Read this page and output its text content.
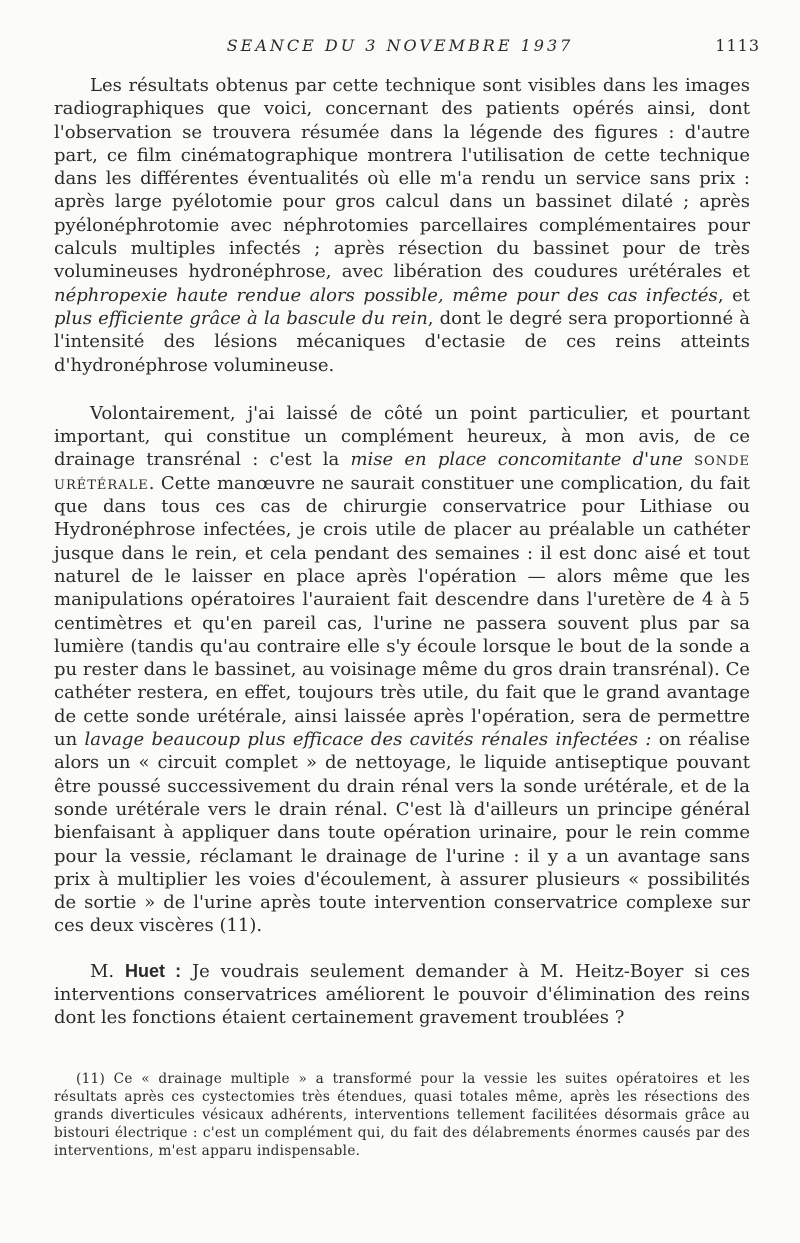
SEANCE DU 3 NOVEMBRE 1937	1113

Les résultats obtenus par cette technique sont visibles dans les images radiographiques que voici, concernant des patients opérés ainsi, dont l'observation se trouvera résumée dans la légende des figures : d'autre part, ce film cinématographique montrera l'utilisation de cette technique dans les différentes éventualités où elle m'a rendu un service sans prix : après large pyélotomie pour gros calcul dans un bassinet dilaté ; après pyélonéphrotomie avec néphrotomies parcellaires complémentaires pour calculs multiples infectés ; après résection du bassinet pour de très volumineuses hydronéphrose, avec libération des coudures urétérales et néphropexie haute rendue alors possible, même pour des cas infectés, et plus efficiente grâce à la bascule du rein, dont le degré sera proportionné à l'intensité des lésions mécaniques d'ectasie de ces reins atteints d'hydronéphrose volumineuse.

Volontairement, j'ai laissé de côté un point particulier, et pourtant important, qui constitue un complément heureux, à mon avis, de ce drainage transrénal : c'est la mise en place concomitante d'une sonde urétérale. Cette manœuvre ne saurait constituer une complication, du fait que dans tous ces cas de chirurgie conservatrice pour Lithiase ou Hydronéphrose infectées, je crois utile de placer au préalable un cathéter jusque dans le rein, et cela pendant des semaines : il est donc aisé et tout naturel de le laisser en place après l'opération — alors même que les manipulations opératoires l'auraient fait descendre dans l'uretère de 4 à 5 centimètres et qu'en pareil cas, l'urine ne passera souvent plus par sa lumière (tandis qu'au contraire elle s'y écoule lorsque le bout de la sonde a pu rester dans le bassinet, au voisinage même du gros drain transrénal). Ce cathéter restera, en effet, toujours très utile, du fait que le grand avantage de cette sonde urétérale, ainsi laissée après l'opération, sera de permettre un lavage beaucoup plus efficace des cavités rénales infectées : on réalise alors un « circuit complet » de nettoyage, le liquide antiseptique pouvant être poussé successivement du drain rénal vers la sonde urétérale, et de la sonde urétérale vers le drain rénal. C'est là d'ailleurs un principe général bienfaisant à appliquer dans toute opération urinaire, pour le rein comme pour la vessie, réclamant le drainage de l'urine : il y a un avantage sans prix à multiplier les voies d'écoulement, à assurer plusieurs « possibilités de sortie » de l'urine après toute intervention conservatrice complexe sur ces deux viscères (11).

M. Huet : Je voudrais seulement demander à M. Heitz-Boyer si ces interventions conservatrices améliorent le pouvoir d'élimination des reins dont les fonctions étaient certainement gravement troublées ?

(11) Ce « drainage multiple » a transformé pour la vessie les suites opératoires et les résultats après ces cystectomies très étendues, quasi totales même, après les résections des grands diverticules vésicaux adhérents, interventions tellement facilitées désormais grâce au bistouri électrique : c'est un complément qui, du fait des délabrements énormes causés par des interventions, m'est apparu indispensable.
